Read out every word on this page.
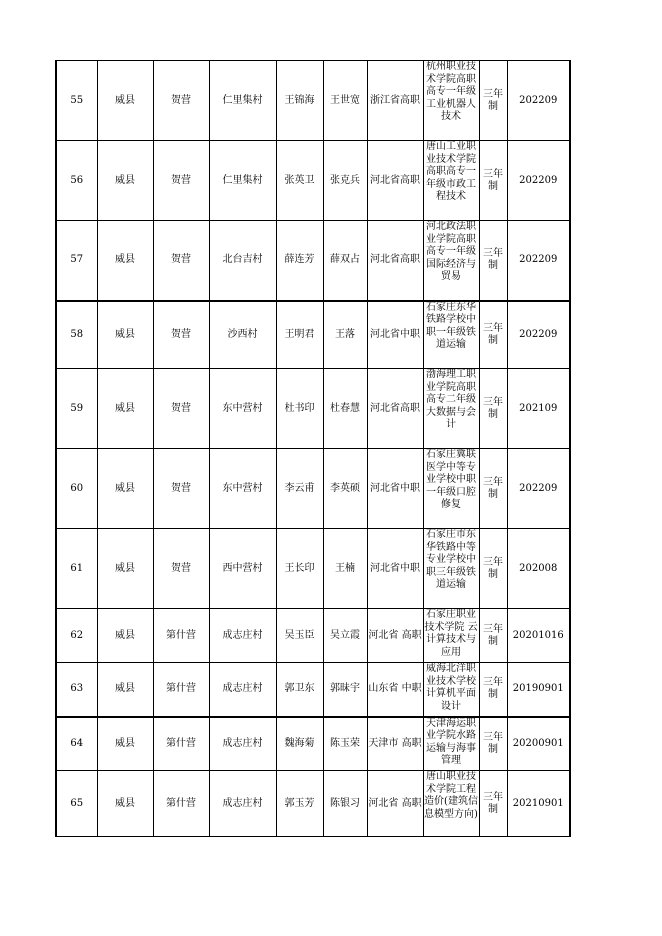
55	威县	贺营	仁里集村	王锦海	王世宽	浙江省高职	杭州职业技术学院高职高专一年级工业机器人技术	三年制	202209
56	威县	贺营	仁里集村	张英卫	张克兵	河北省高职	唐山工业职业技术学院高职高专一年级市政工程技术	三年制	202209
57	威县	贺营	北台吉村	薛连芳	薛双占	河北省高职	河北政法职业学院高职高专一年级国际经济与贸易	三年制	202209
58	威县	贺营	沙西村	王明君	王落	河北省中职	石家庄东华铁路学校中职一年级铁道运输	三年制	202209
59	威县	贺营	东中营村	杜书印	杜春慧	河北省高职	渤海理工职业学院高职高专二年级大数据与会计	三年制	202109
60	威县	贺营	东中营村	李云甫	李英硕	河北省中职	石家庄冀联医学中等专业学校中职一年级口腔修复	三年制	202209
61	威县	贺营	西中营村	王长印	王楠	河北省中职	石家庄市东华铁路中等专业学校中职三年级铁道运输	三年制	202008
62	威县	第什营	成志庄村	吴玉臣	吴立霞	河北省 高职	石家庄职业技术学院 云计算技术与应用	三年制	20201016
63	威县	第什营	成志庄村	郭卫东	郭昧宇	山东省 中职	威海北洋职业技术学校 计算机平面设计	三年制	20190901
64	威县	第什营	成志庄村	魏海菊	陈玉荣	天津市 高职	天津海运职业学院水路运输与海事管理	三年制	20200901
65	威县	第什营	成志庄村	郭玉芳	陈银习	河北省 高职	唐山职业技术学院工程造价(建筑信息模型方向)	三年制	20210901
